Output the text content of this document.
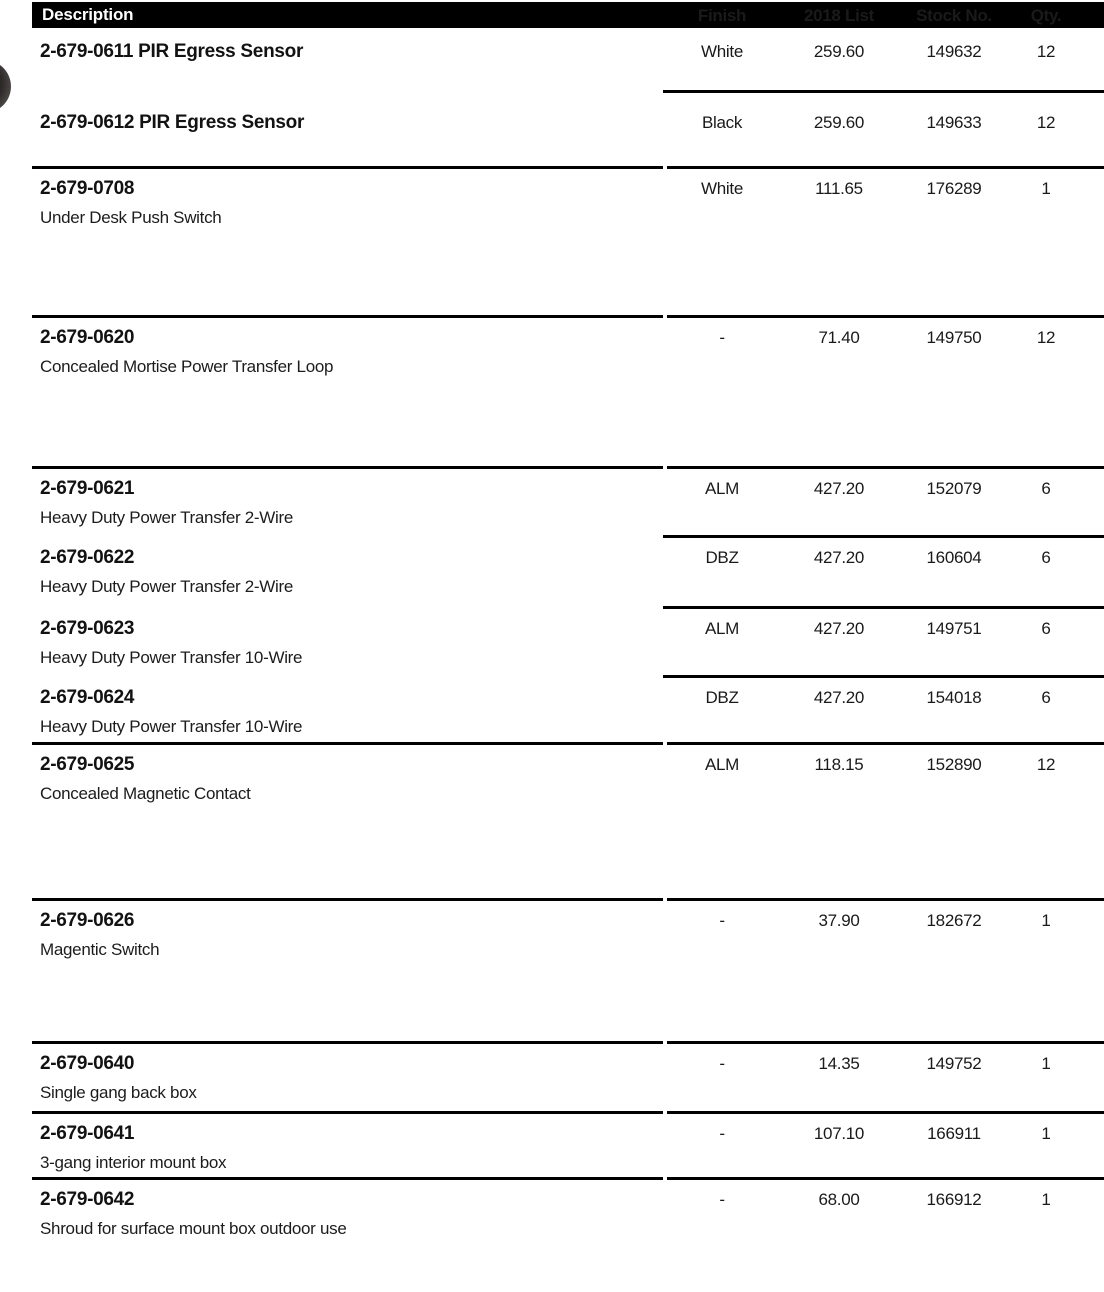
Description	Finish	2018 List	Stock No.	Qty.
2-679-0611 PIR Egress Sensor	White	259.60	149632	12
2-679-0612 PIR Egress Sensor	Black	259.60	149633	12
2-679-0708
Under Desk Push Switch
White	111.65	176289	1
2-679-0620
Concealed Mortise Power Transfer Loop
-	71.40	149750	12
2-679-0621
Heavy Duty Power Transfer 2-Wire
ALM	427.20	152079	6
2-679-0622
Heavy Duty Power Transfer 2-Wire
DBZ	427.20	160604	6
2-679-0623
Heavy Duty Power Transfer 10-Wire
ALM	427.20	149751	6
2-679-0624
Heavy Duty Power Transfer 10-Wire
DBZ	427.20	154018	6
2-679-0625
Concealed Magnetic Contact
ALM	118.15	152890	12
2-679-0626
Magentic Switch
-	37.90	182672	1
2-679-0640
Single gang back box
-	14.35	149752	1
2-679-0641
3-gang interior mount box
-	107.10	166911	1
2-679-0642
Shroud for surface mount box outdoor use
-	68.00	166912	1
